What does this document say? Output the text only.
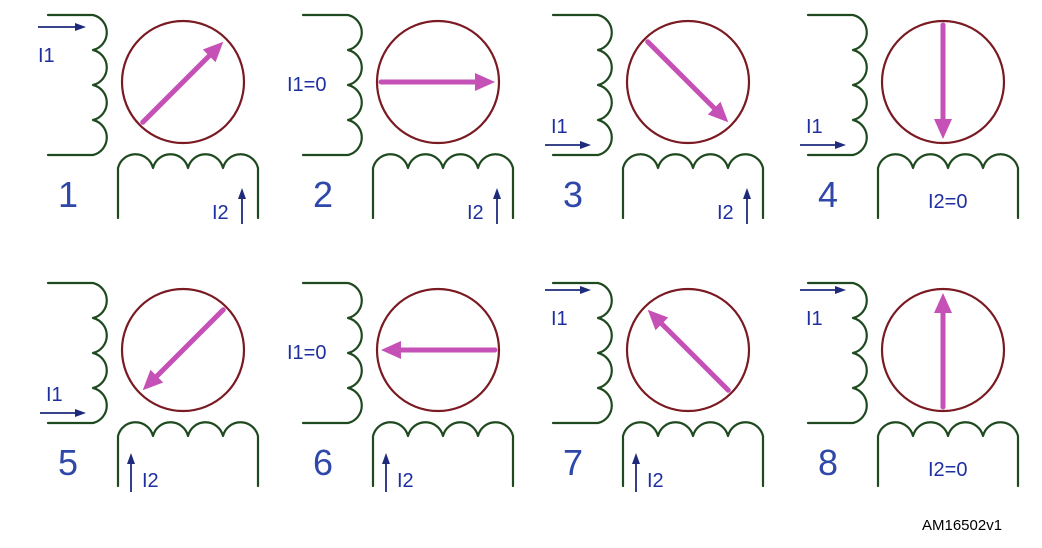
I1
I2
1
I1=0
I2
2
I1
I2
3
I1
I2=0
4
I1
I2
5
I1=0
I2
6
I1
I2
7
I1
I2=0
8
AM16502v1
